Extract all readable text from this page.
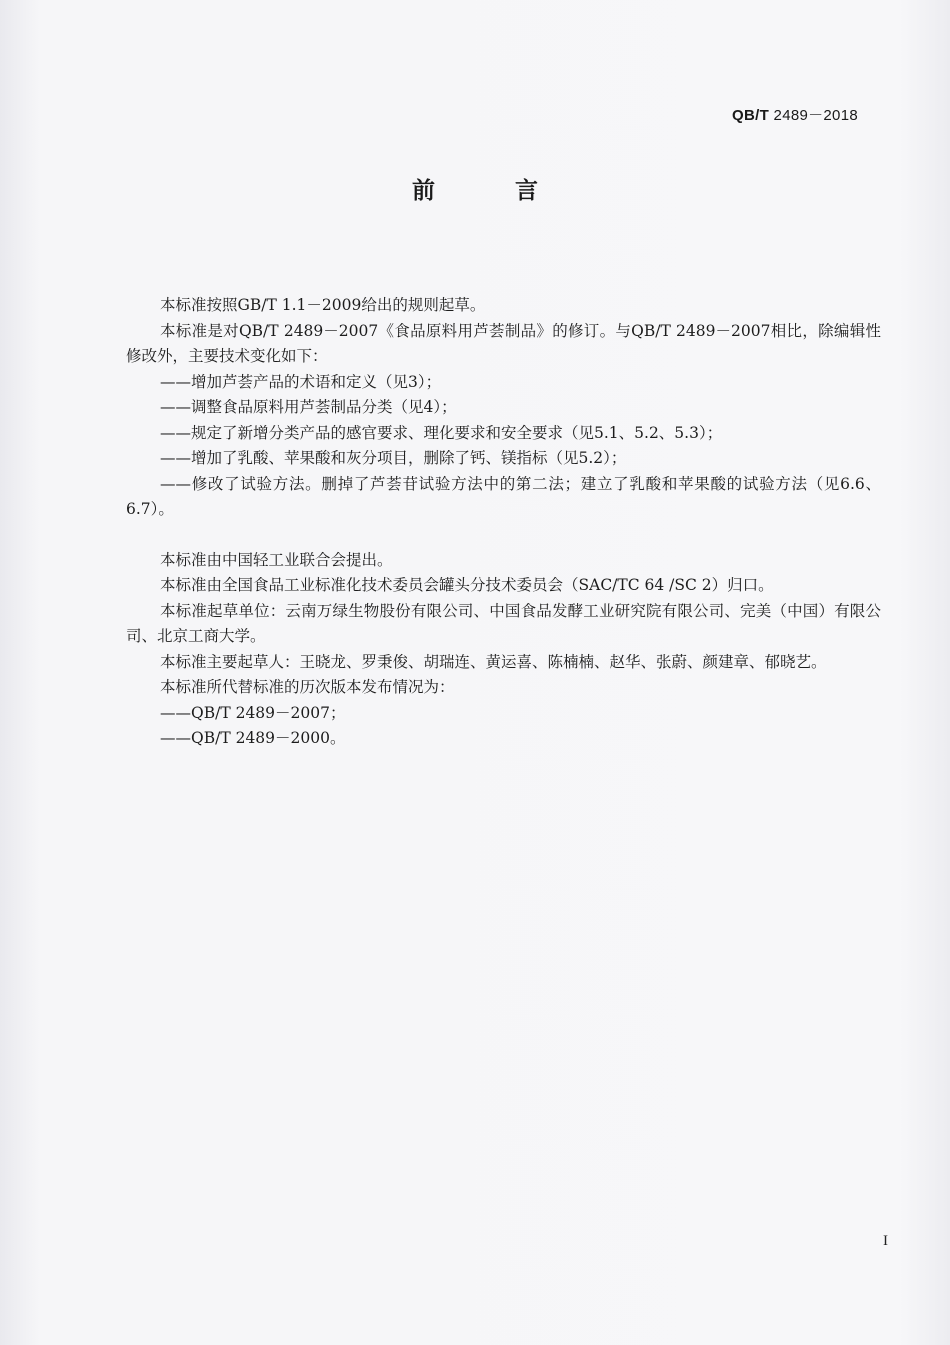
QB/T 2489－2018
前 言

本标准按照GB/T 1.1－2009给出的规则起草。

本标准是对QB/T 2489－2007《食品原料用芦荟制品》的修订。与QB/T 2489－2007相比，除编辑性修改外，主要技术变化如下：

——增加芦荟产品的术语和定义（见3）；

——调整食品原料用芦荟制品分类（见4）；

——规定了新增分类产品的感官要求、理化要求和安全要求（见5.1、5.2、5.3）；

——增加了乳酸、苹果酸和灰分项目，删除了钙、镁指标（见5.2）；

——修改了试验方法。删掉了芦荟苷试验方法中的第二法；建立了乳酸和苹果酸的试验方法（见6.6、6.7）。

本标准由中国轻工业联合会提出。

本标准由全国食品工业标准化技术委员会罐头分技术委员会（SAC/TC 64 /SC 2）归口。

本标准起草单位：云南万绿生物股份有限公司、中国食品发酵工业研究院有限公司、完美（中国）有限公司、北京工商大学。

本标准主要起草人：王晓龙、罗秉俊、胡瑞连、黄运喜、陈楠楠、赵华、张蔚、颜建章、郁晓艺。

本标准所代替标准的历次版本发布情况为：

——QB/T 2489－2007；

——QB/T 2489－2000。

I
